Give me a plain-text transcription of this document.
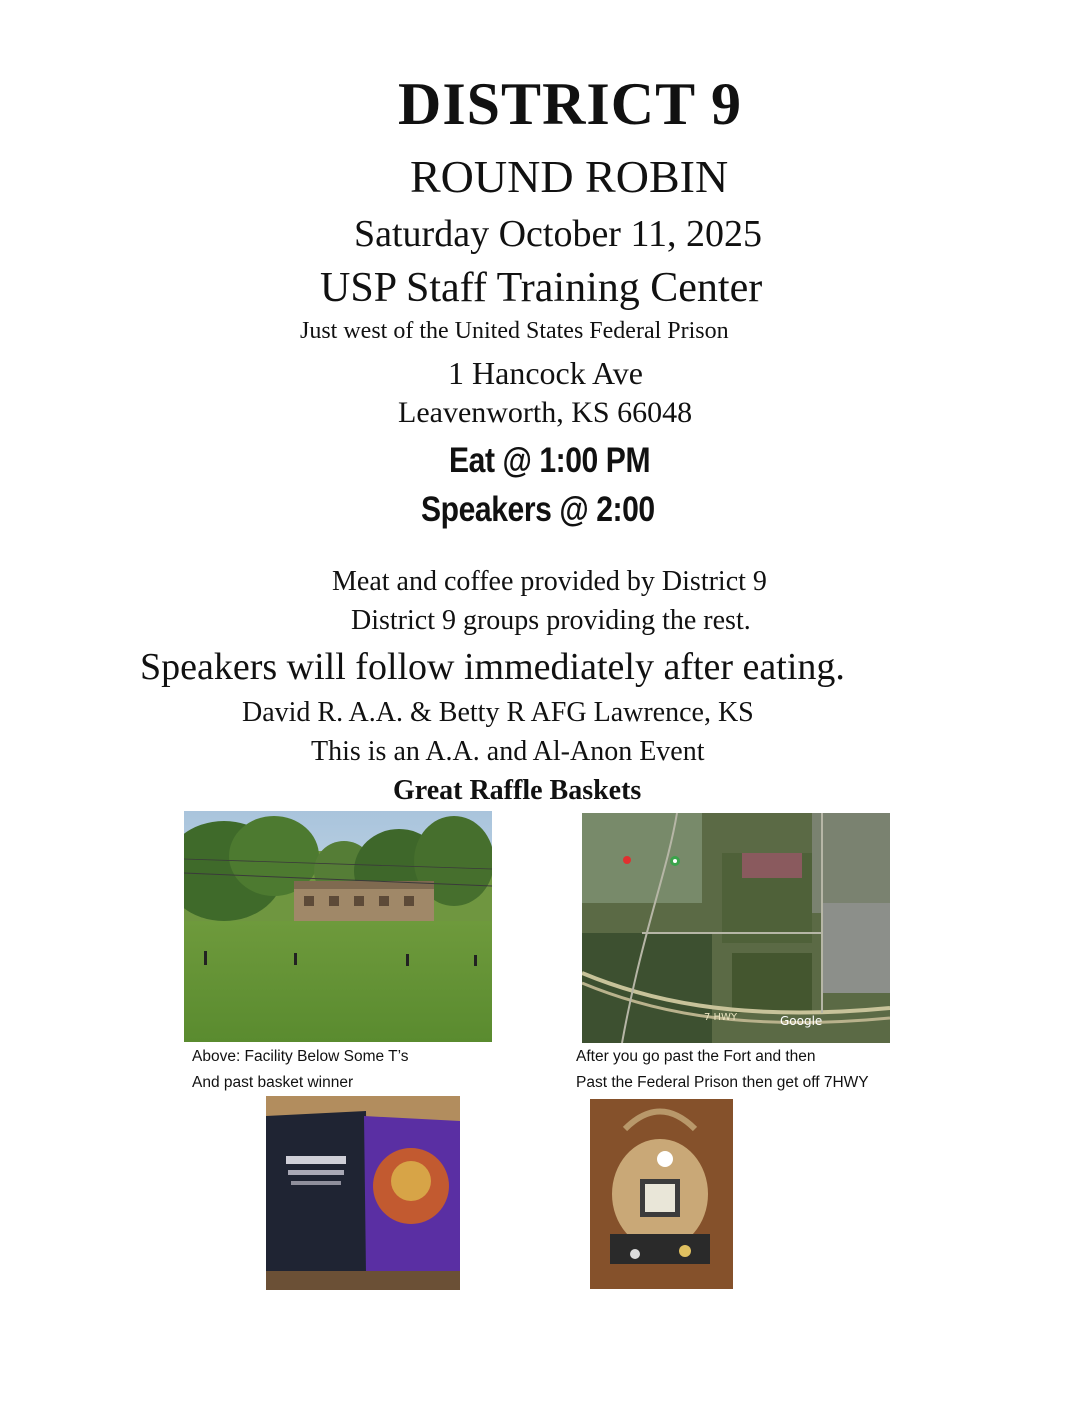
DISTRICT 9
ROUND ROBIN
Saturday October 11, 2025
USP Staff Training Center
Just west of the United States Federal Prison
1 Hancock Ave
Leavenworth, KS 66048
Eat @ 1:00 PM
Speakers @ 2:00
Meat and coffee provided by District 9
District 9 groups providing the rest.
Speakers will follow immediately after eating.
David R. A.A. & Betty R AFG Lawrence, KS
This is an A.A. and Al-Anon Event
Great Raffle Baskets
7 HWY	Google
Above: Facility Below Some T’s
And past basket winner
After you go past the Fort and then
Past the Federal Prison then get off 7HWY
